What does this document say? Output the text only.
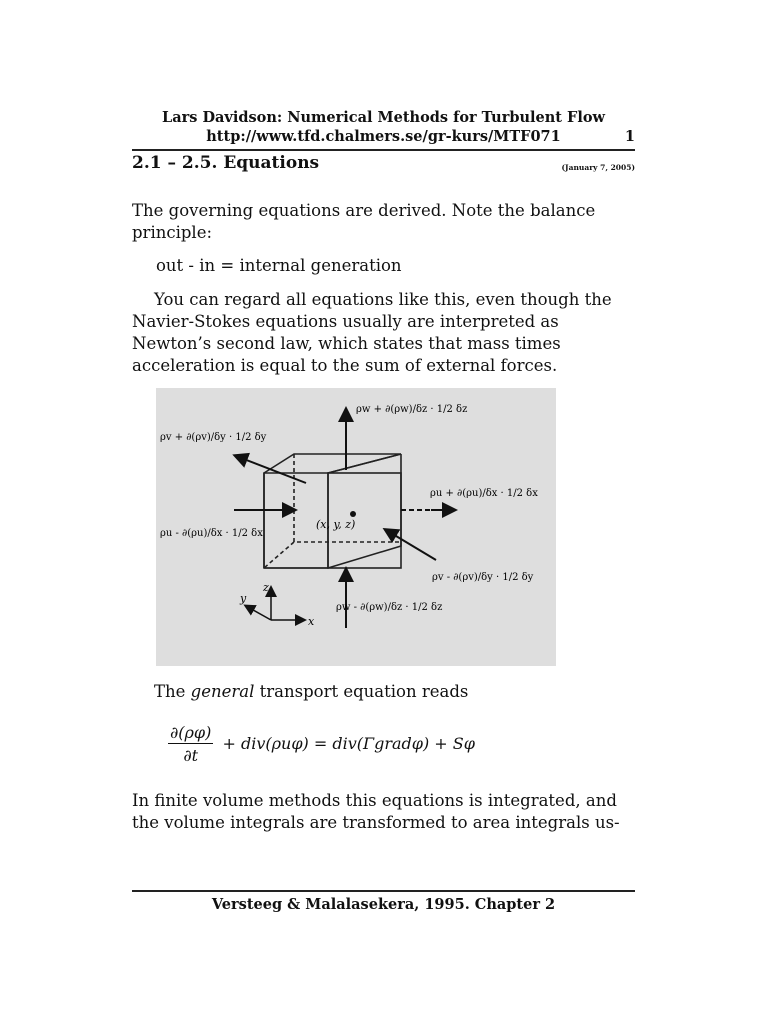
Lars Davidson: Numerical Methods for Turbulent Flow
http://www.tfd.chalmers.se/gr-kurs/MTF071	1
2.1 – 2.5. Equations	(January 7, 2005)
The governing equations are derived. Note the balance principle:
out - in = internal generation
You can regard all equations like this, even though the Navier-Stokes equations usually are interpreted as Newton’s second law, which states that mass times acceleration is equal to the sum of external forces.
(x, y, z)
z
x
y
ρw + ∂(ρw)/δz · 1/2 δz
ρv + ∂(ρv)/δy · 1/2 δy
ρu + ∂(ρu)/δx · 1/2 δx
ρu - ∂(ρu)/δx · 1/2 δx
ρv - ∂(ρv)/δy · 1/2 δy
ρw - ∂(ρw)/δz · 1/2 δz
The general transport equation reads
$\frac{\partial(\rho\varphi)}{\partial t} + div(\rho u\varphi)$ = div(Γgradφ) + Sφ
In finite volume methods this equations is integrated, and the volume integrals are transformed to area integrals us-
Versteeg & Malalasekera, 1995. Chapter 2
